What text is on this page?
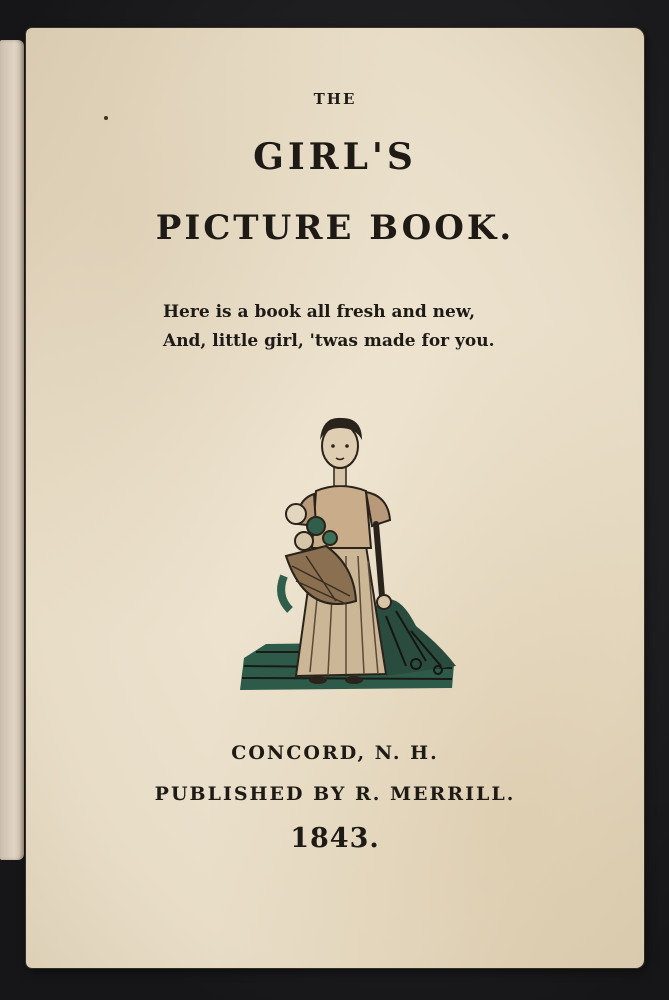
THE
GIRL'S
PICTURE BOOK.
Here is a book all fresh and new,
And, little girl, 'twas made for you.
CONCORD, N. H.
PUBLISHED BY R. MERRILL.
1843.
